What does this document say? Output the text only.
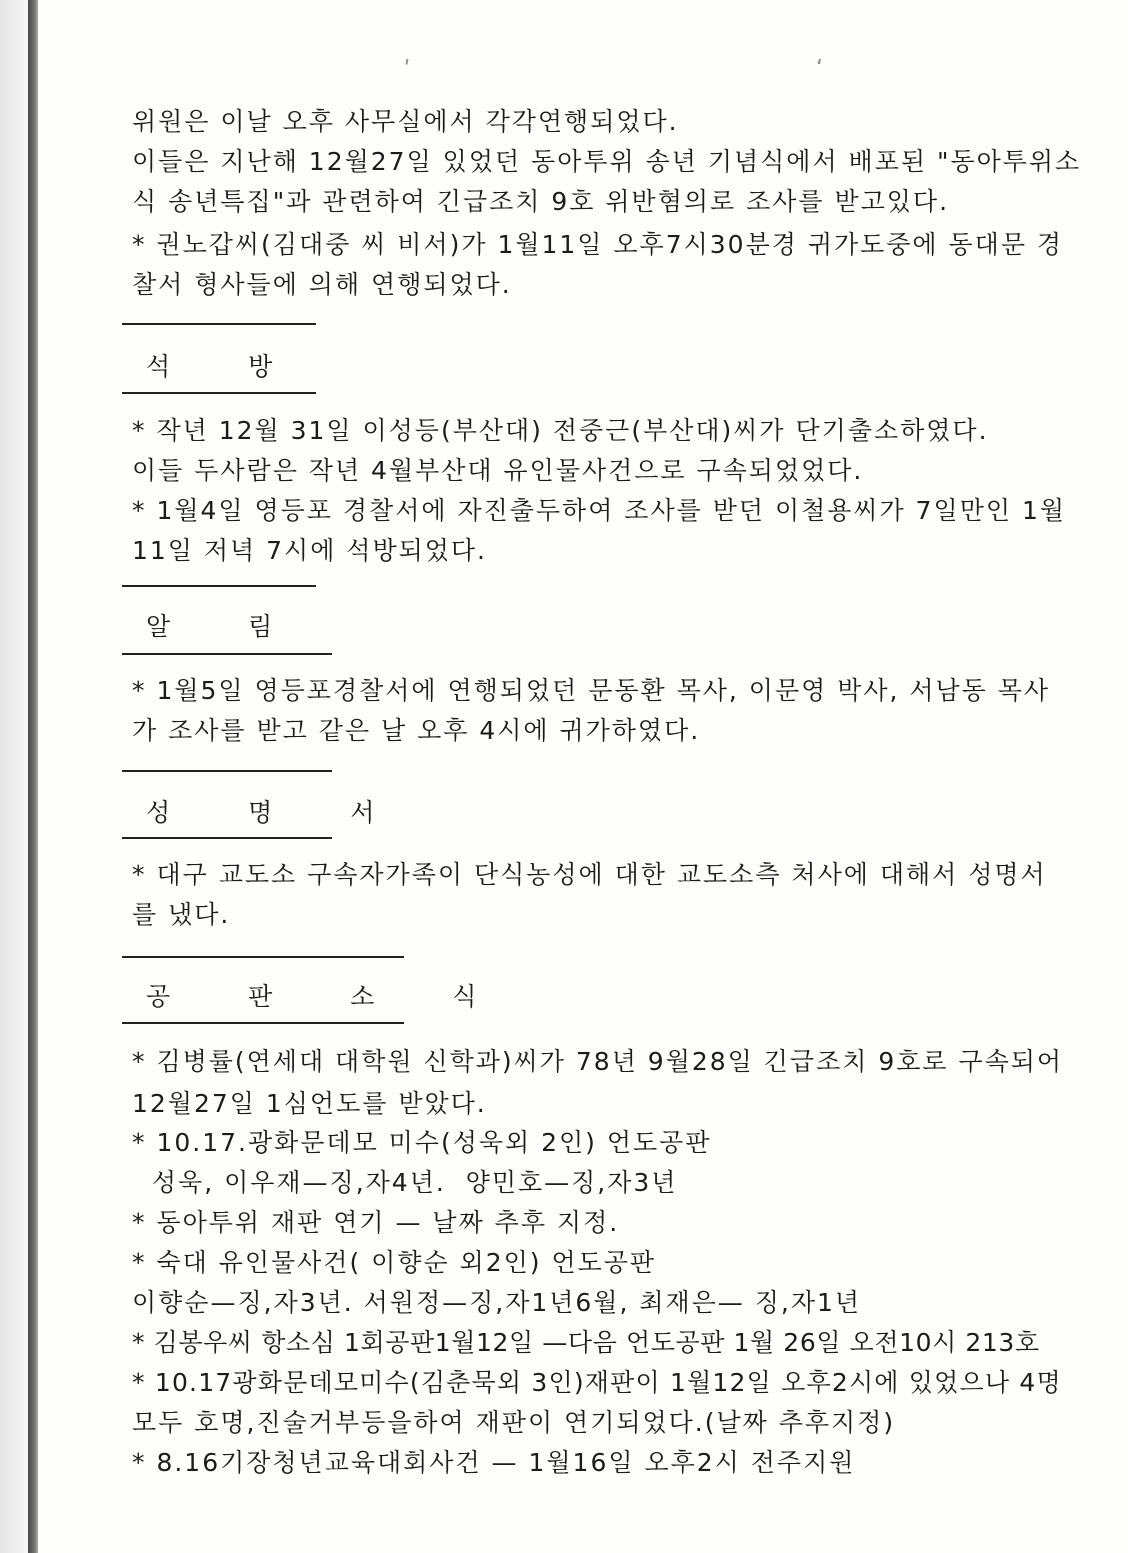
ʹ	ʻ
위원은 이날 오후 사무실에서 각각연행되었다.
이들은 지난해 12월27일 있었던 동아투위 송년 기념식에서 배포된 "동아투위소
식 송년특집"과 관련하여 긴급조치 9호 위반혐의로 조사를 받고있다.
* 권노갑씨(김대중 씨 비서)가 1월11일 오후7시30분경 귀가도중에 동대문 경
찰서 형사들에 의해 연행되었다.
석 방
* 작년 12월 31일 이성등(부산대) 전중근(부산대)씨가 단기출소하였다.
이들 두사람은 작년 4월부산대 유인물사건으로 구속되었었다.
* 1월4일 영등포 경찰서에 자진출두하여 조사를 받던 이철용씨가 7일만인 1월
11일 저녁 7시에 석방되었다.
알 림
* 1월5일 영등포경찰서에 연행되었던 문동환 목사, 이문영 박사, 서남동 목사
가 조사를 받고 같은 날 오후 4시에 귀가하였다.
성 명 서
* 대구 교도소 구속자가족이 단식농성에 대한 교도소측 처사에 대해서 성명서
를 냈다.
공 판 소 식
* 김병률(연세대 대학원 신학과)씨가 78년 9월28일 긴급조치 9호로 구속되어
12월27일 1심언도를 받았다.
* 10.17.광화문데모 미수(성욱외 2인) 언도공판
성욱, 이우재—징,자4년.  양민호—징,자3년
* 동아투위 재판 연기 — 날짜 추후 지정.
* 숙대 유인물사건( 이향순 외2인) 언도공판
이향순—징,자3년. 서원정—징,자1년6월, 최재은— 징,자1년
* 김봉우씨 항소심 1회공판1월12일 —다음 언도공판 1월 26일 오전10시 213호
* 10.17광화문데모미수(김춘묵외 3인)재판이 1월12일 오후2시에 있었으나 4명
모두 호명,진술거부등을하여 재판이 연기되었다.(날짜 추후지정)
* 8.16기장청년교육대회사건 — 1월16일 오후2시 전주지원
